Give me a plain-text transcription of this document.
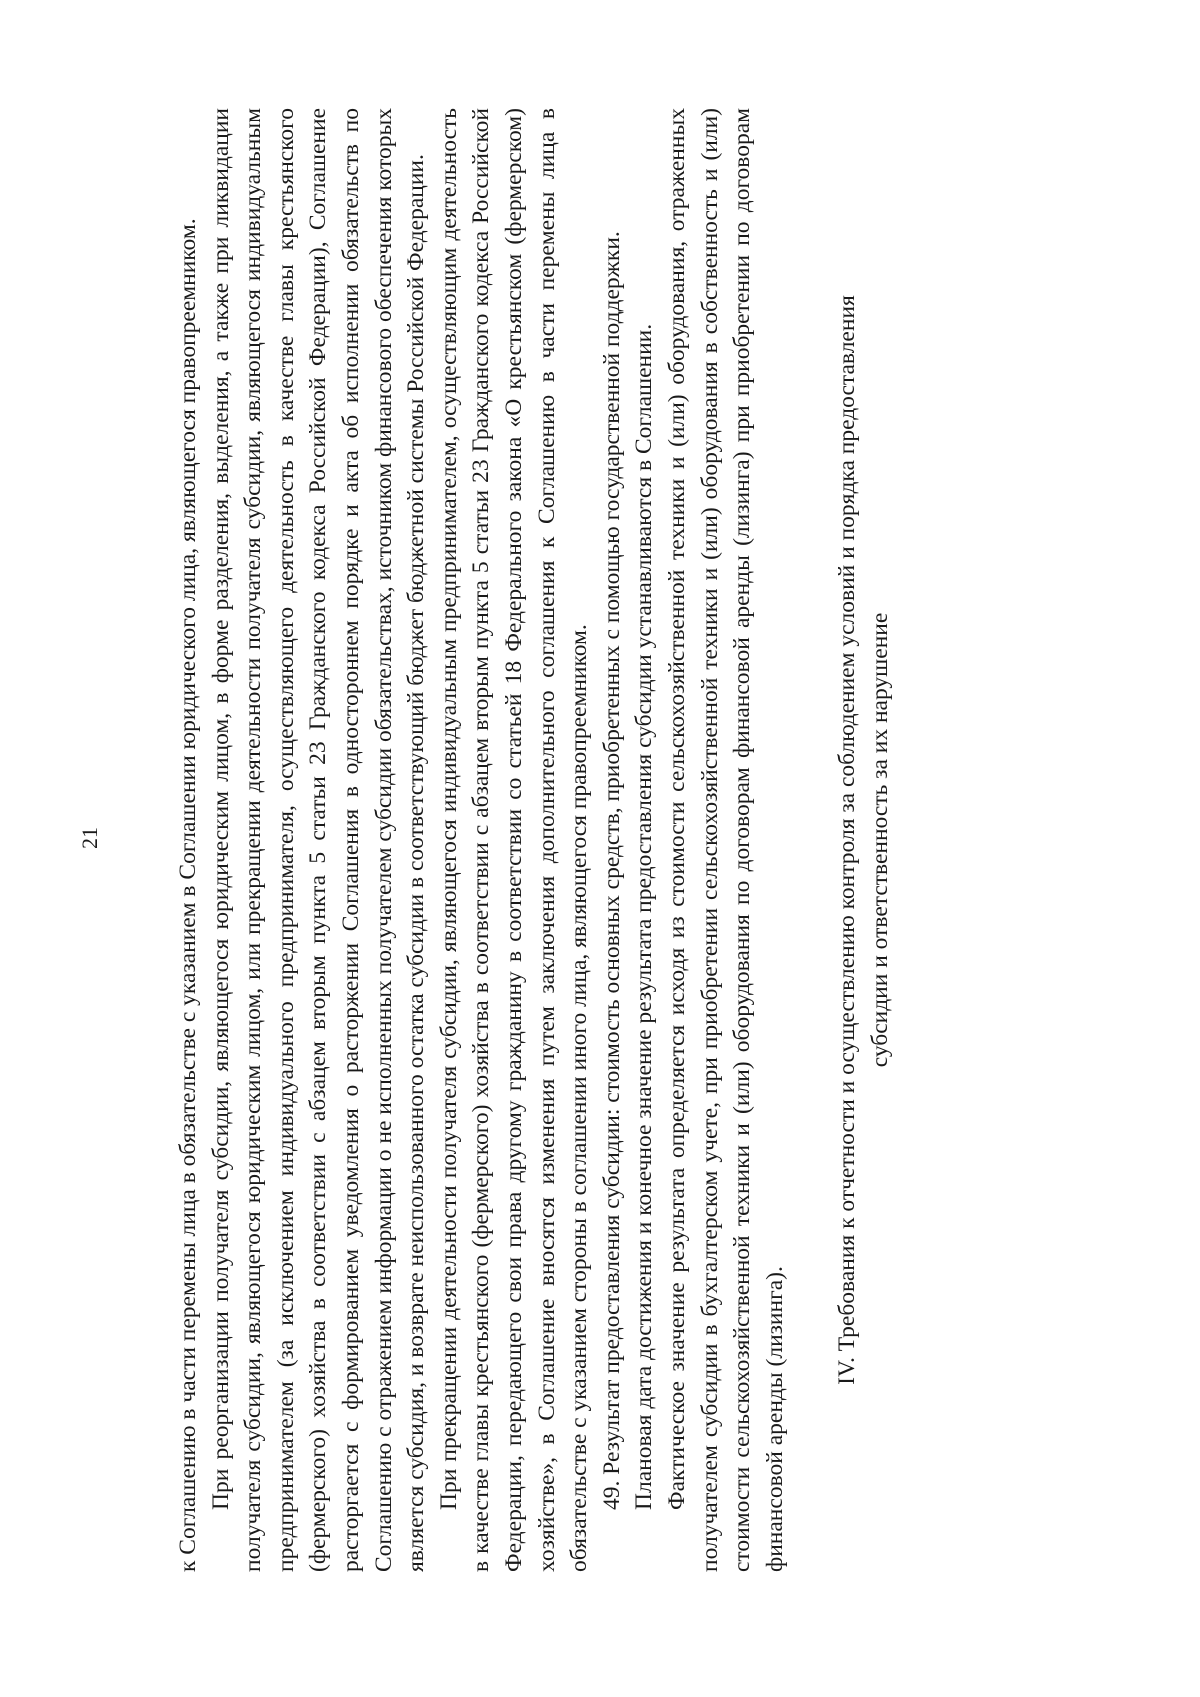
21	к Соглашению в части перемены лица в обязательстве с указанием в Соглашении юридического лица, являющегося правопреемником. При реорганизации получателя субсидии, являющегося юридическим лицом, в форме разделения, выделения, а также при ликвидации получателя субсидии, являющегося юридическим лицом, или прекращении деятельности получателя субсидии, являющегося индивидуальным предпринимателем (за исключением индивидуального предпринимателя, осуществляющего деятельность в качестве главы крестьянского (фермерского) хозяйства в соответствии с абзацем вторым пункта 5 статьи 23 Гражданского кодекса Российской Федерации), Соглашение расторгается с формированием уведомления о расторжении Соглашения в одностороннем порядке и акта об исполнении обязательств по Соглашению с отражением информации о не исполненных получателем субсидии обязательствах, источником финансового обеспечения которых является субсидия, и возврате неиспользованного остатка субсидии в соответствующий бюджет бюджетной системы Российской Федерации. При прекращении деятельности получателя субсидии, являющегося индивидуальным предпринимателем, осуществляющим деятельность в качестве главы крестьянского (фермерского) хозяйства в соответствии с абзацем вторым пункта 5 статьи 23 Гражданского кодекса Российской Федерации, передающего свои права другому гражданину в соответствии со статьей 18 Федерального закона «О крестьянском (фермерском) хозяйстве», в Соглашение вносятся изменения путем заключения дополнительного соглашения к Соглашению в части перемены лица в обязательстве с указанием стороны в соглашении иного лица, являющегося правопреемником. 49. Результат предоставления субсидии: стоимость основных средств, приобретенных с помощью государственной поддержки. Плановая дата достижения и конечное значение результата предоставления субсидии устанавливаются в Соглашении. Фактическое значение результата определяется исходя из стоимости сельскохозяйственной техники и (или) оборудования, отраженных получателем субсидии в бухгалтерском учете, при приобретении сельскохозяйственной техники и (или) оборудования в собственность и (или) стоимости сельскохозяйственной техники и (или) оборудования по договорам финансовой аренды (лизинга) при приобретении по договорам финансовой аренды (лизинга).

IV. Требования к отчетности и осуществлению контроля за соблюдением условий и порядка предоставления субсидии и ответственность за их нарушение
